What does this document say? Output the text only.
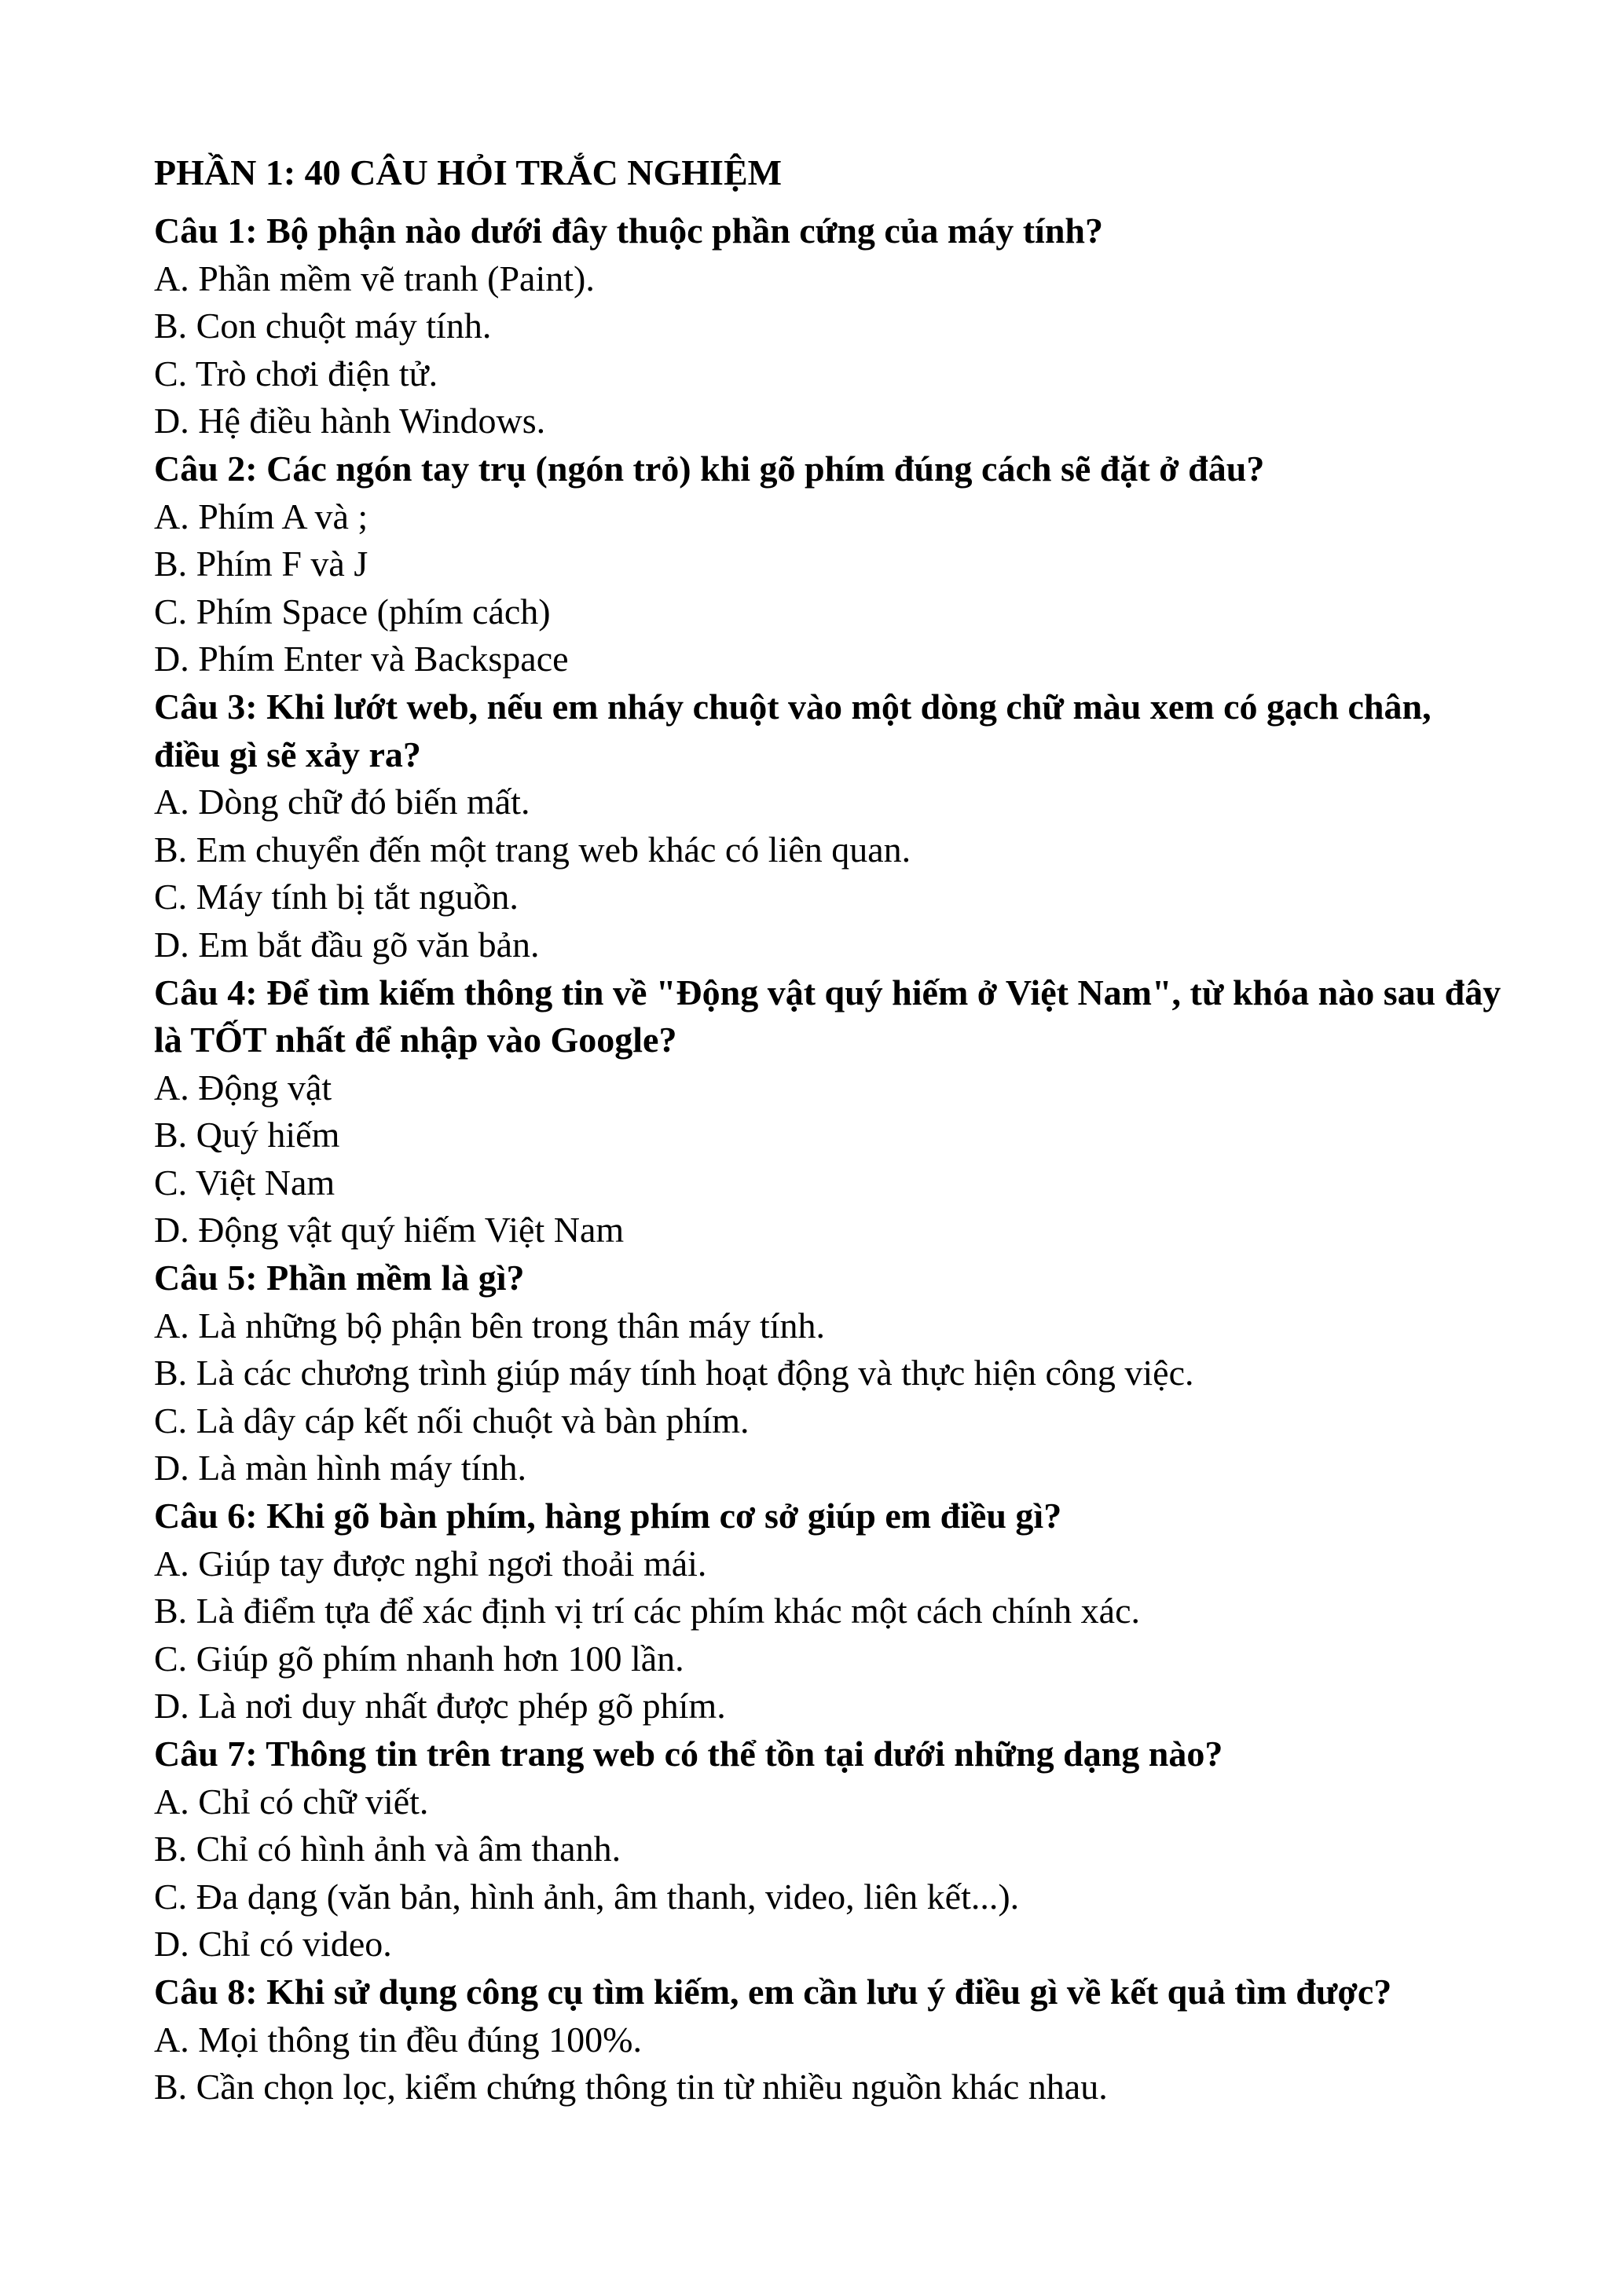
PHẦN 1: 40 CÂU HỎI TRẮC NGHIỆM
Câu 1: Bộ phận nào dưới đây thuộc phần cứng của máy tính?
A. Phần mềm vẽ tranh (Paint).
B. Con chuột máy tính.
C. Trò chơi điện tử.
D. Hệ điều hành Windows.
Câu 2: Các ngón tay trụ (ngón trỏ) khi gõ phím đúng cách sẽ đặt ở đâu?
A. Phím A và ;
B. Phím F và J
C. Phím Space (phím cách)
D. Phím Enter và Backspace
Câu 3: Khi lướt web, nếu em nháy chuột vào một dòng chữ màu xem có gạch chân, điều gì sẽ xảy ra?
A. Dòng chữ đó biến mất.
B. Em chuyển đến một trang web khác có liên quan.
C. Máy tính bị tắt nguồn.
D. Em bắt đầu gõ văn bản.
Câu 4: Để tìm kiếm thông tin về "Động vật quý hiếm ở Việt Nam", từ khóa nào sau đây là TỐT nhất để nhập vào Google?
A. Động vật
B. Quý hiếm
C. Việt Nam
D. Động vật quý hiếm Việt Nam
Câu 5: Phần mềm là gì?
A. Là những bộ phận bên trong thân máy tính.
B. Là các chương trình giúp máy tính hoạt động và thực hiện công việc.
C. Là dây cáp kết nối chuột và bàn phím.
D. Là màn hình máy tính.
Câu 6: Khi gõ bàn phím, hàng phím cơ sở giúp em điều gì?
A. Giúp tay được nghỉ ngơi thoải mái.
B. Là điểm tựa để xác định vị trí các phím khác một cách chính xác.
C. Giúp gõ phím nhanh hơn 100 lần.
D. Là nơi duy nhất được phép gõ phím.
Câu 7: Thông tin trên trang web có thể tồn tại dưới những dạng nào?
A. Chỉ có chữ viết.
B. Chỉ có hình ảnh và âm thanh.
C. Đa dạng (văn bản, hình ảnh, âm thanh, video, liên kết...).
D. Chỉ có video.
Câu 8: Khi sử dụng công cụ tìm kiếm, em cần lưu ý điều gì về kết quả tìm được?
A. Mọi thông tin đều đúng 100%.
B. Cần chọn lọc, kiểm chứng thông tin từ nhiều nguồn khác nhau.
